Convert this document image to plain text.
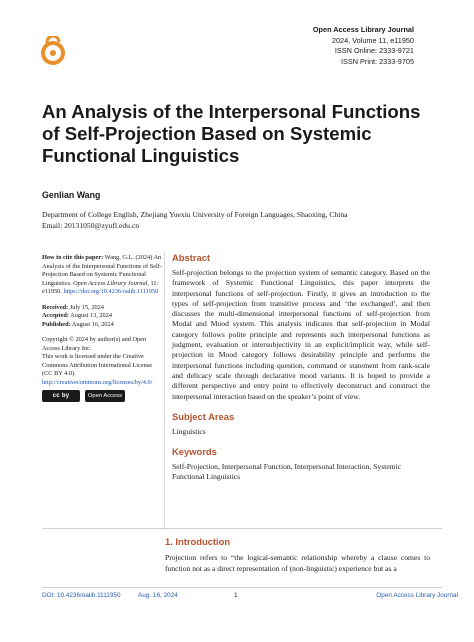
Open Access Library Journal
2024, Volume 11, e11950
ISSN Online: 2333-9721
ISSN Print: 2333-9705
An Analysis of the Interpersonal Functions of Self-Projection Based on Systemic Functional Linguistics
Genlian Wang
Department of College English, Zhejiang Yuexiu University of Foreign Languages, Shaoxing, China
Email: 20131050@zyufl.edu.cn

How to cite this paper: Wang, G.L. (2024) An Analysis of the Interpersonal Functions of Self-Projection Based on Systemic Functional Linguistics. Open Access Library Journal, 11: e11950. https://doi.org/10.4236/oalib.1111950

Received: July 15, 2024

Accepted: August 13, 2024

Published: August 16, 2024

Copyright © 2024 by author(s) and Open Access Library Inc.

This work is licensed under the Creative Commons Attribution International License (CC BY 4.0).

http://creativecommons.org/licenses/by/4.0/

cc by	Open Access
Abstract

Self-projection belongs to the projection system of semantic category. Based on the framework of Systemic Functional Linguistics, this paper interprets the interpersonal functions of self-projection. Firstly, it gives an introduction to the types of self-projection from transitive process and ‘the exchanged’, and then discusses the multi-dimensional interpersonal functions of self-projection from Modal and Mood system. This analysis indicates that self-projection in Modal category follows polite principle and represents such interpersonal functions as judgment, evaluation or intersubjectivity in an explicit/implicit way, while self-projection in Mood category follows desirability principle and performs the interpersonal functions including question, command or statement from rank-scale and delicacy scale through declarative mood variants. It is hoped to provide a different perspective and entry point to effectively deconstruct and construct the interpersonal interaction based on the speaker’s point of view.

Subject Areas

Linguistics

Keywords

Self-Projection, Interpersonal Function, Interpersonal Interaction, Systemic Functional Linguistics

1. Introduction

Projection refers to “the logical-semantic relationship whereby a clause comes to function not as a direct representation of (non-linguistic) experience but as a

DOI: 10.4236/oalib.1111950	Aug. 16, 2024	1	Open Access Library Journal
